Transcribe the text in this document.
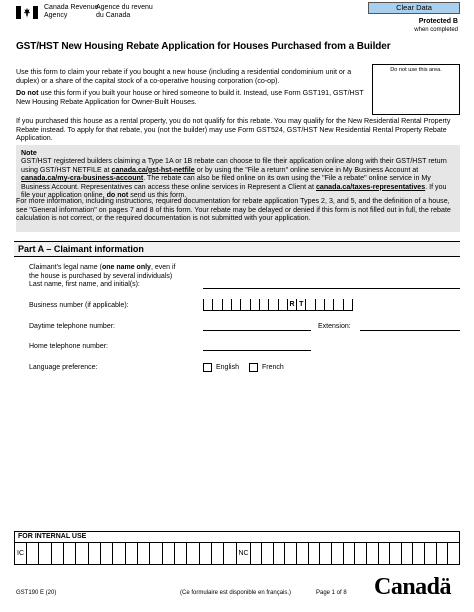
Canada Revenue
Agency
Agence du revenu
du Canada
Clear Data
Protected B
when completed
GST/HST New Housing Rebate Application for Houses Purchased from a Builder
Use this form to claim your rebate if you bought a new house (including a residential condominium unit or a duplex) or a share of the capital stock of a co-operative housing corporation (co-op).
Do not use this form if you built your house or hired someone to build it. Instead, use Form GST191, GST/HST New Housing Rebate Application for Owner-Built Houses.
Do not use this area.
If you purchased this house as a rental property, you do not qualify for this rebate. You may qualify for the New Residential Rental Property Rebate instead. To apply for that rebate, you (not the builder) may use Form GST524, GST/HST New Residential Rental Property Rebate Application.
Note
GST/HST registered builders claiming a Type 1A or 1B rebate can choose to file their application online along with their GST/HST return using GST/HST NETFILE at canada.ca/gst-hst-netfile or by using the "File a return" online service in My Business Account at canada.ca/my-cra-business-account. The rebate can also be filed online on its own using the "File a rebate" online service in My Business Account. Representatives can access these online services in Represent a Client at canada.ca/taxes-representatives. If you file your application online, do not send us this form.
For more information, including instructions, required documentation for rebate application Types 2, 3, and 5, and the definition of a house, see "General information" on pages 7 and 8 of this form. Your rebate may be delayed or denied if this form is not filled out in full, the rebate calculation is not correct, or the required documentation is not submitted with your application.
Part A – Claimant information
Claimant's legal name (one name only, even if
the house is purchased by several individuals)
Last name, first name, and initial(s):
Business number (if applicable):	R T
Daytime telephone number:	Extension:
Home telephone number:
Language preference:	English	French
FOR INTERNAL USE
IC	NC
GST190 E (20)	(Ce formulaire est disponible en français.)	Page 1 of 8 Canadä
